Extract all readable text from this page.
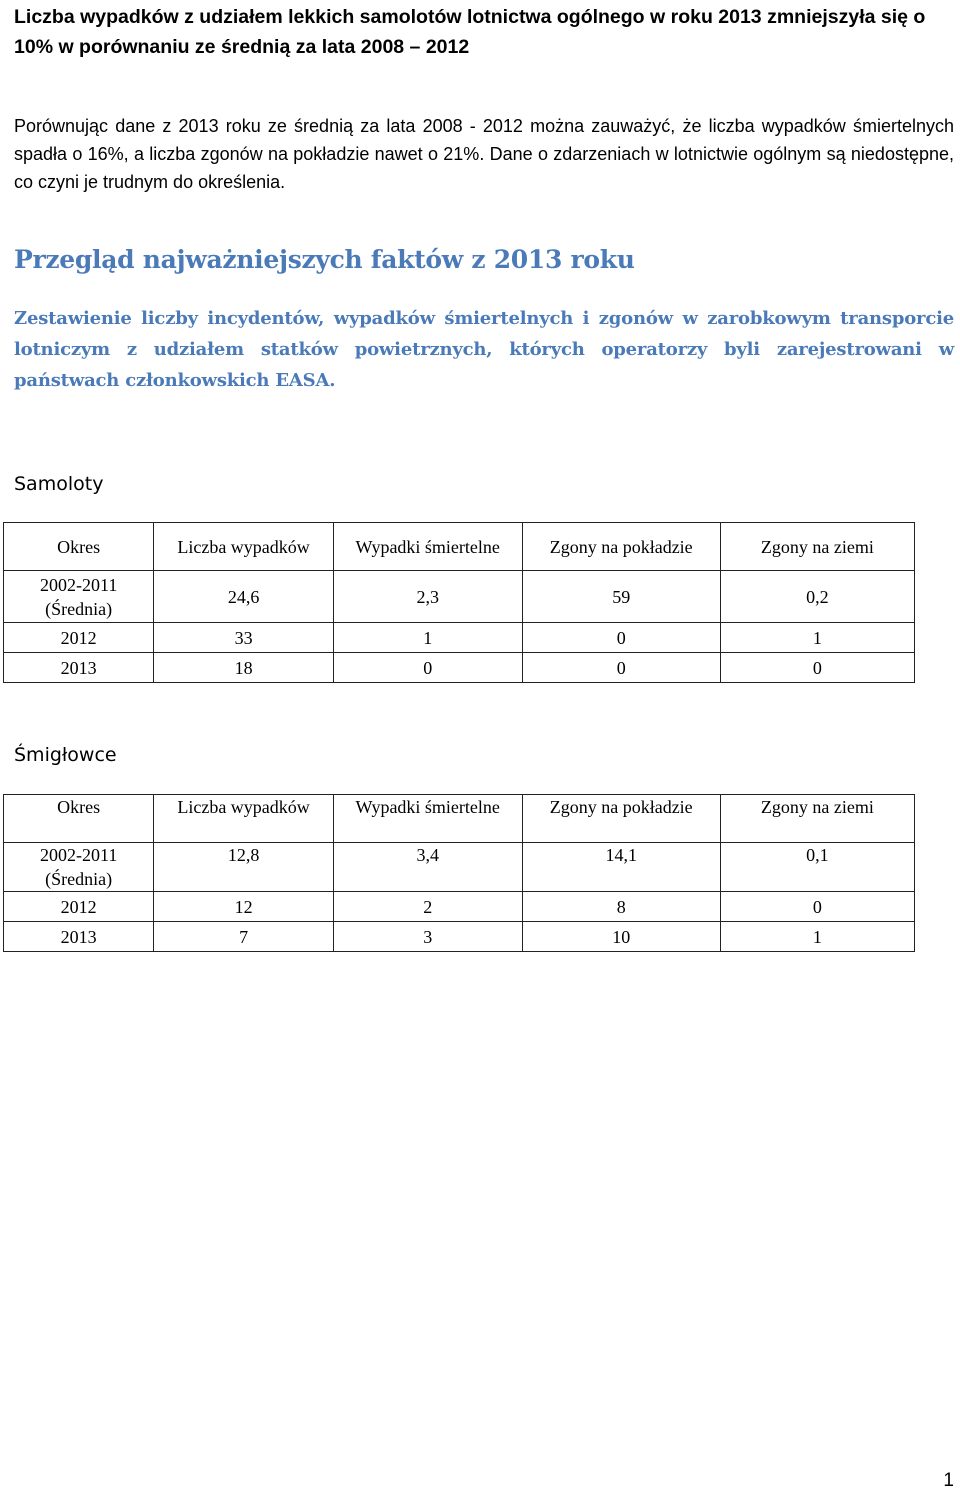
Liczba wypadków z udziałem lekkich samolotów lotnictwa ogólnego w roku 2013 zmniejszyła się o 10% w porównaniu ze średnią za lata 2008 – 2012

Porównując dane z 2013 roku ze średnią za lata 2008 - 2012 można zauważyć, że liczba wypadków śmiertelnych spadła o 16%, a liczba zgonów na pokładzie nawet o 21%. Dane o zdarzeniach w lotnictwie ogólnym są niedostępne, co czyni je trudnym do określenia.

Przegląd najważniejszych faktów z 2013 roku

Zestawienie liczby incydentów, wypadków śmiertelnych i zgonów w zarobkowym transporcie lotniczym z udziałem statków powietrznych, których operatorzy byli zarejestrowani w państwach członkowskich EASA.

Samoloty

Okres	Liczba wypadków	Wypadki śmiertelne	Zgony na pokładzie	Zgony na ziemi
2002-2011 (Średnia)	24,6	2,3	59	0,2
2012	33	1	0	1
2013	18	0	0	0

Śmigłowce

Okres	Liczba wypadków	Wypadki śmiertelne	Zgony na pokładzie	Zgony na ziemi
2002-2011 (Średnia)	12,8	3,4	14,1	0,1
2012	12	2	8	0
2013	7	3	10	1

1
